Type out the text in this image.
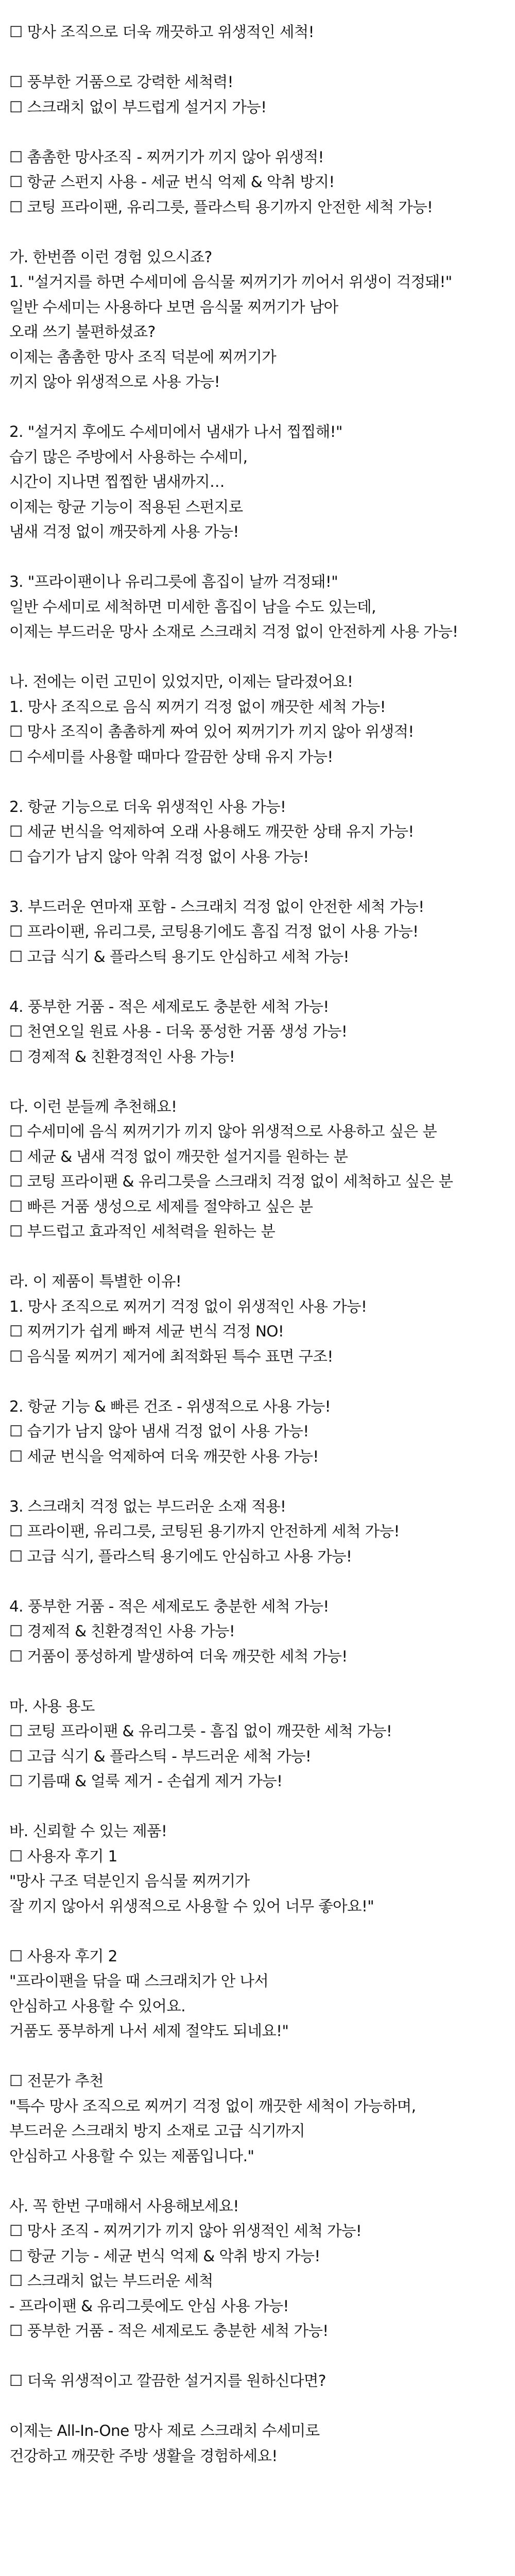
☐ 망사 조직으로 더욱 깨끗하고 위생적인 세척!
☐ 풍부한 거품으로 강력한 세척력!
☐ 스크래치 없이 부드럽게 설거지 가능!
☐ 촘촘한 망사조직 - 찌꺼기가 끼지 않아 위생적!
☐ 항균 스펀지 사용 - 세균 번식 억제 & 악취 방지!
☐ 코팅 프라이팬, 유리그릇, 플라스틱 용기까지 안전한 세척 가능!
가. 한번쯤 이런 경험 있으시죠?
1. "설거지를 하면 수세미에 음식물 찌꺼기가 끼어서 위생이 걱정돼!"
일반 수세미는 사용하다 보면 음식물 찌꺼기가 남아
오래 쓰기 불편하셨죠?
이제는 촘촘한 망사 조직 덕분에 찌꺼기가
끼지 않아 위생적으로 사용 가능!
2. "설거지 후에도 수세미에서 냄새가 나서 찝찝해!"
습기 많은 주방에서 사용하는 수세미,
시간이 지나면 찝찝한 냄새까지…
이제는 항균 기능이 적용된 스펀지로
냄새 걱정 없이 깨끗하게 사용 가능!
3. "프라이팬이나 유리그릇에 흠집이 날까 걱정돼!"
일반 수세미로 세척하면 미세한 흠집이 남을 수도 있는데,
이제는 부드러운 망사 소재로 스크래치 걱정 없이 안전하게 사용 가능!
나. 전에는 이런 고민이 있었지만, 이제는 달라졌어요!
1. 망사 조직으로 음식 찌꺼기 걱정 없이 깨끗한 세척 가능!
☐ 망사 조직이 촘촘하게 짜여 있어 찌꺼기가 끼지 않아 위생적!
☐ 수세미를 사용할 때마다 깔끔한 상태 유지 가능!
2. 항균 기능으로 더욱 위생적인 사용 가능!
☐ 세균 번식을 억제하여 오래 사용해도 깨끗한 상태 유지 가능!
☐ 습기가 남지 않아 악취 걱정 없이 사용 가능!
3. 부드러운 연마재 포함 - 스크래치 걱정 없이 안전한 세척 가능!
☐ 프라이팬, 유리그릇, 코팅용기에도 흠집 걱정 없이 사용 가능!
☐ 고급 식기 & 플라스틱 용기도 안심하고 세척 가능!
4. 풍부한 거품 - 적은 세제로도 충분한 세척 가능!
☐ 천연오일 원료 사용 - 더욱 풍성한 거품 생성 가능!
☐ 경제적 & 친환경적인 사용 가능!
다. 이런 분들께 추천해요!
☐ 수세미에 음식 찌꺼기가 끼지 않아 위생적으로 사용하고 싶은 분
☐ 세균 & 냄새 걱정 없이 깨끗한 설거지를 원하는 분
☐ 코팅 프라이팬 & 유리그릇을 스크래치 걱정 없이 세척하고 싶은 분
☐ 빠른 거품 생성으로 세제를 절약하고 싶은 분
☐ 부드럽고 효과적인 세척력을 원하는 분
라. 이 제품이 특별한 이유!
1. 망사 조직으로 찌꺼기 걱정 없이 위생적인 사용 가능!
☐ 찌꺼기가 쉽게 빠져 세균 번식 걱정 NO!
☐ 음식물 찌꺼기 제거에 최적화된 특수 표면 구조!
2. 항균 기능 & 빠른 건조 - 위생적으로 사용 가능!
☐ 습기가 남지 않아 냄새 걱정 없이 사용 가능!
☐ 세균 번식을 억제하여 더욱 깨끗한 사용 가능!
3. 스크래치 걱정 없는 부드러운 소재 적용!
☐ 프라이팬, 유리그릇, 코팅된 용기까지 안전하게 세척 가능!
☐ 고급 식기, 플라스틱 용기에도 안심하고 사용 가능!
4. 풍부한 거품 - 적은 세제로도 충분한 세척 가능!
☐ 경제적 & 친환경적인 사용 가능!
☐ 거품이 풍성하게 발생하여 더욱 깨끗한 세척 가능!
마. 사용 용도
☐ 코팅 프라이팬 & 유리그릇 - 흠집 없이 깨끗한 세척 가능!
☐ 고급 식기 & 플라스틱 - 부드러운 세척 가능!
☐ 기름때 & 얼룩 제거 - 손쉽게 제거 가능!
바. 신뢰할 수 있는 제품!
☐ 사용자 후기 1
"망사 구조 덕분인지 음식물 찌꺼기가
잘 끼지 않아서 위생적으로 사용할 수 있어 너무 좋아요!"
☐ 사용자 후기 2
"프라이팬을 닦을 때 스크래치가 안 나서
안심하고 사용할 수 있어요.
거품도 풍부하게 나서 세제 절약도 되네요!"
☐ 전문가 추천
"특수 망사 조직으로 찌꺼기 걱정 없이 깨끗한 세척이 가능하며,
부드러운 스크래치 방지 소재로 고급 식기까지
안심하고 사용할 수 있는 제품입니다."
사. 꼭 한번 구매해서 사용해보세요!
☐ 망사 조직 - 찌꺼기가 끼지 않아 위생적인 세척 가능!
☐ 항균 기능 - 세균 번식 억제 & 악취 방지 가능!
☐ 스크래치 없는 부드러운 세척
- 프라이팬 & 유리그릇에도 안심 사용 가능!
☐ 풍부한 거품 - 적은 세제로도 충분한 세척 가능!
☐ 더욱 위생적이고 깔끔한 설거지를 원하신다면?
이제는 All-In-One 망사 제로 스크래치 수세미로
건강하고 깨끗한 주방 생활을 경험하세요!
